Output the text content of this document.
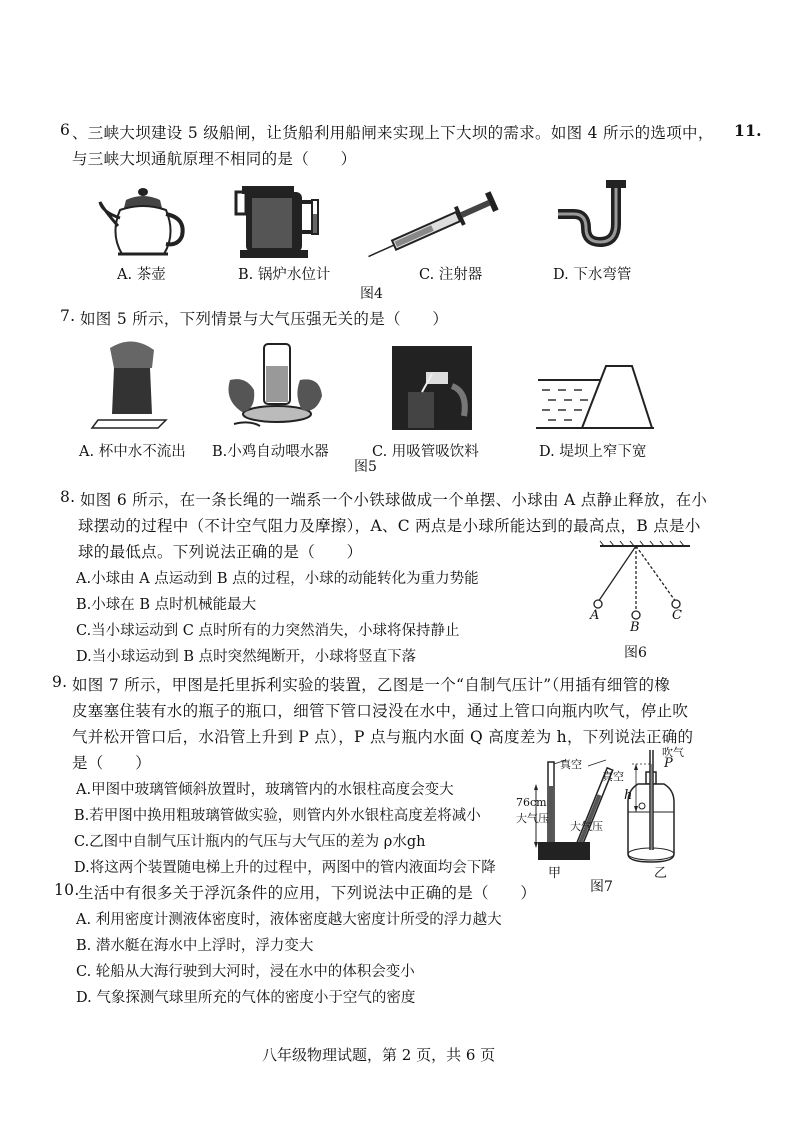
11.
6 、三峡大坝建设 5 级船闸，让货船利用船闸来实现上下大坝的需求。如图 4 所示的选项中，
与三峡大坝通航原理不相同的是（　　）
A. 茶壶	B. 锅炉水位计	C. 注射器	D. 下水弯管
图4
7. 如图 5 所示，下列情景与大气压强无关的是（　　）
A. 杯中水不流出 B.小鸡自动喂水器	C. 用吸管吸饮料	D. 堤坝上窄下宽
图5
8. 如图 6 所示，在一条长绳的一端系一个小铁球做成一个单摆、小球由 A 点静止释放，在小
球摆动的过程中（不计空气阻力及摩擦），A、C 两点是小球所能达到的最高点，B 点是小
球的最低点。下列说法正确的是（　　）
A.小球由 A 点运动到 B 点的过程，小球的动能转化为重力势能
B.小球在 B 点时机械能最大
C.当小球运动到 C 点时所有的力突然消失，小球将保持静止
D.当小球运动到 B 点时突然绳断开，小球将竖直下落
A
B
C
图6
9. 如图 7 所示，甲图是托里拆利实验的装置，乙图是一个“自制气压计”（用插有细管的橡
皮塞塞住装有水的瓶子的瓶口，细管下管口浸没在水中，通过上管口向瓶内吹气，停止吹
气并松开管口后，水沿管上升到 P 点），P 点与瓶内水面 Q 高度差为 h，下列说法正确的
是（　　）
A.甲图中玻璃管倾斜放置时，玻璃管内的水银柱高度会变大
B.若甲图中换用粗玻璃管做实验，则管内外水银柱高度差将减小
C.乙图中自制气压计瓶内的气压与大气压的差为 ρ水gh
D.将这两个装置随电梯上升的过程中，两图中的管内液面均会下降
真空
真空
76cm
大气压
大气压
甲	乙
吹气
P
h
图7
10.
生活中有很多关于浮沉条件的应用，下列说法中正确的是（　　）
A. 利用密度计测液体密度时，液体密度越大密度计所受的浮力越大
B. 潜水艇在海水中上浮时，浮力变大
C. 轮船从大海行驶到大河时，浸在水中的体积会变小
D. 气象探测气球里所充的气体的密度小于空气的密度
八年级物理试题，第 2 页，共 6 页
